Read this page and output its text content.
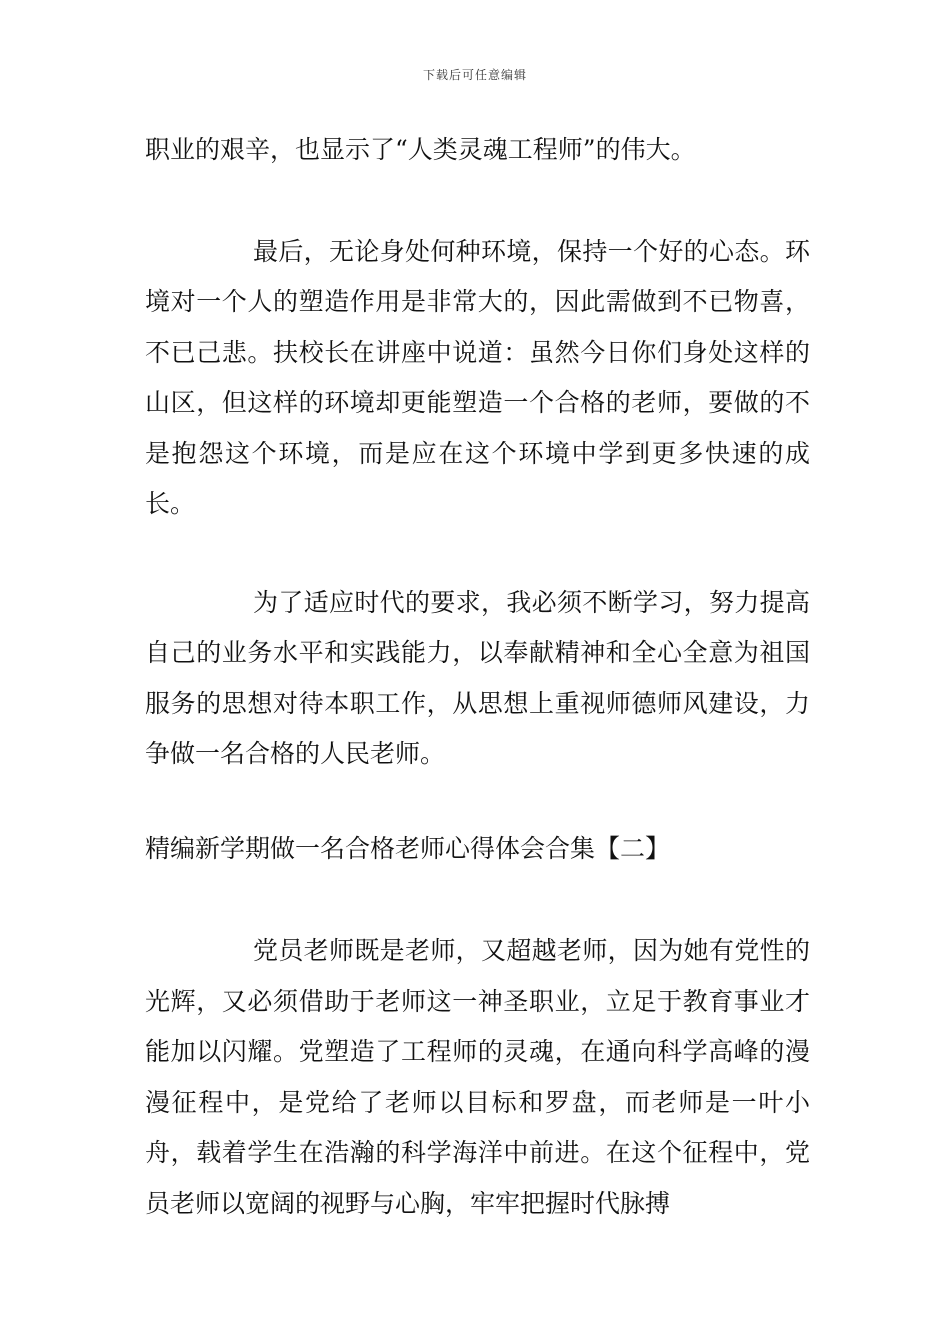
下载后可任意编辑

职业的艰辛，也显示了“人类灵魂工程师”的伟大。

最后，无论身处何种环境，保持一个好的心态。环境对一个人的塑造作用是非常大的，因此需做到不已物喜，不已己悲。扶校长在讲座中说道：虽然今日你们身处这样的山区，但这样的环境却更能塑造一个合格的老师，要做的不是抱怨这个环境，而是应在这个环境中学到更多快速的成长。

为了适应时代的要求，我必须不断学习，努力提高自己的业务水平和实践能力，以奉献精神和全心全意为祖国服务的思想对待本职工作，从思想上重视师德师风建设，力争做一名合格的人民老师。

精编新学期做一名合格老师心得体会合集【二】

党员老师既是老师，又超越老师，因为她有党性的光辉，又必须借助于老师这一神圣职业，立足于教育事业才能加以闪耀。党塑造了工程师的灵魂，在通向科学高峰的漫漫征程中，是党给了老师以目标和罗盘，而老师是一叶小舟，载着学生在浩瀚的科学海洋中前进。在这个征程中，党员老师以宽阔的视野与心胸，牢牢把握时代脉搏
